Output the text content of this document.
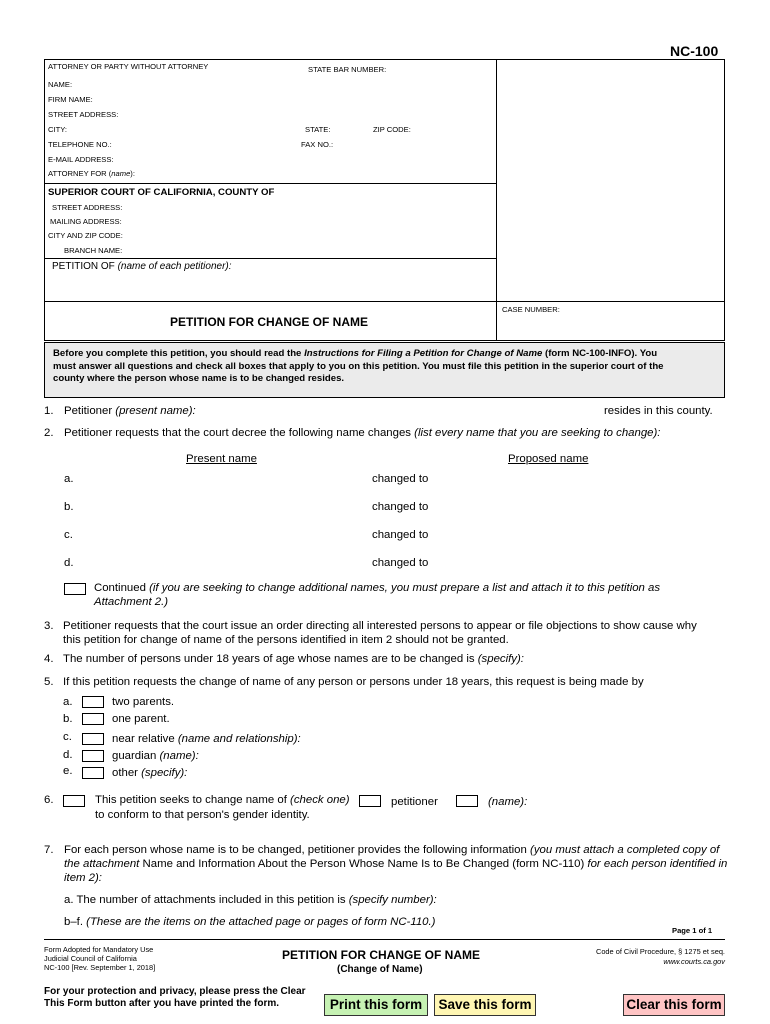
NC-100
ATTORNEY OR PARTY WITHOUT ATTORNEY	STATE BAR NUMBER:
NAME:
FIRM NAME:
STREET ADDRESS:
CITY:	STATE:	ZIP CODE:
TELEPHONE NO.:	FAX NO.:
E-MAIL ADDRESS:
ATTORNEY FOR (name):
SUPERIOR COURT OF CALIFORNIA, COUNTY OF
STREET ADDRESS:
MAILING ADDRESS:
CITY AND ZIP CODE:
BRANCH NAME:
PETITION OF (name of each petitioner):
PETITION FOR CHANGE OF NAME
CASE NUMBER:
Before you complete this petition, you should read the Instructions for Filing a Petition for Change of Name (form NC-100-INFO). You
must answer all questions and check all boxes that apply to you on this petition. You must file this petition in the superior court of the
county where the person whose name is to be changed resides.
1. Petitioner (present name):	resides in this county.
2. Petitioner requests that the court decree the following name changes (list every name that you are seeking to change):
Present name	Proposed name
a.	changed to
b.	changed to
c.	changed to
d.	changed to
Continued (if you are seeking to change additional names, you must prepare a list and attach it to this petition as
Attachment 2.)
3. Petitioner requests that the court issue an order directing all interested persons to appear or file objections to show cause why
this petition for change of name of the persons identified in item 2 should not be granted.
4. The number of persons under 18 years of age whose names are to be changed is (specify):
5. If this petition requests the change of name of any person or persons under 18 years, this request is being made by
a.	two parents.
b.	one parent.
c.	near relative (name and relationship):
d.	guardian (name):
e.	other (specify):
6.	This petition seeks to change name of (check one)	petitioner	(name):
to conform to that person's gender identity.
7. For each person whose name is to be changed, petitioner provides the following information (you must attach a completed copy of
the attachment Name and Information About the Person Whose Name Is to Be Changed (form NC-110) for each person identified in
item 2):
a. The number of attachments included in this petition is (specify number):
b–f. (These are the items on the attached page or pages of form NC-110.)
Page 1 of 1
Form Adopted for Mandatory Use
Judicial Council of California
NC-100 [Rev. September 1, 2018]
PETITION FOR CHANGE OF NAME
(Change of Name)
Code of Civil Procedure, § 1275 et seq.
www.courts.ca.gov
For your protection and privacy, please press the Clear
This Form button after you have printed the form.	Print this form	Save this form	Clear this form
